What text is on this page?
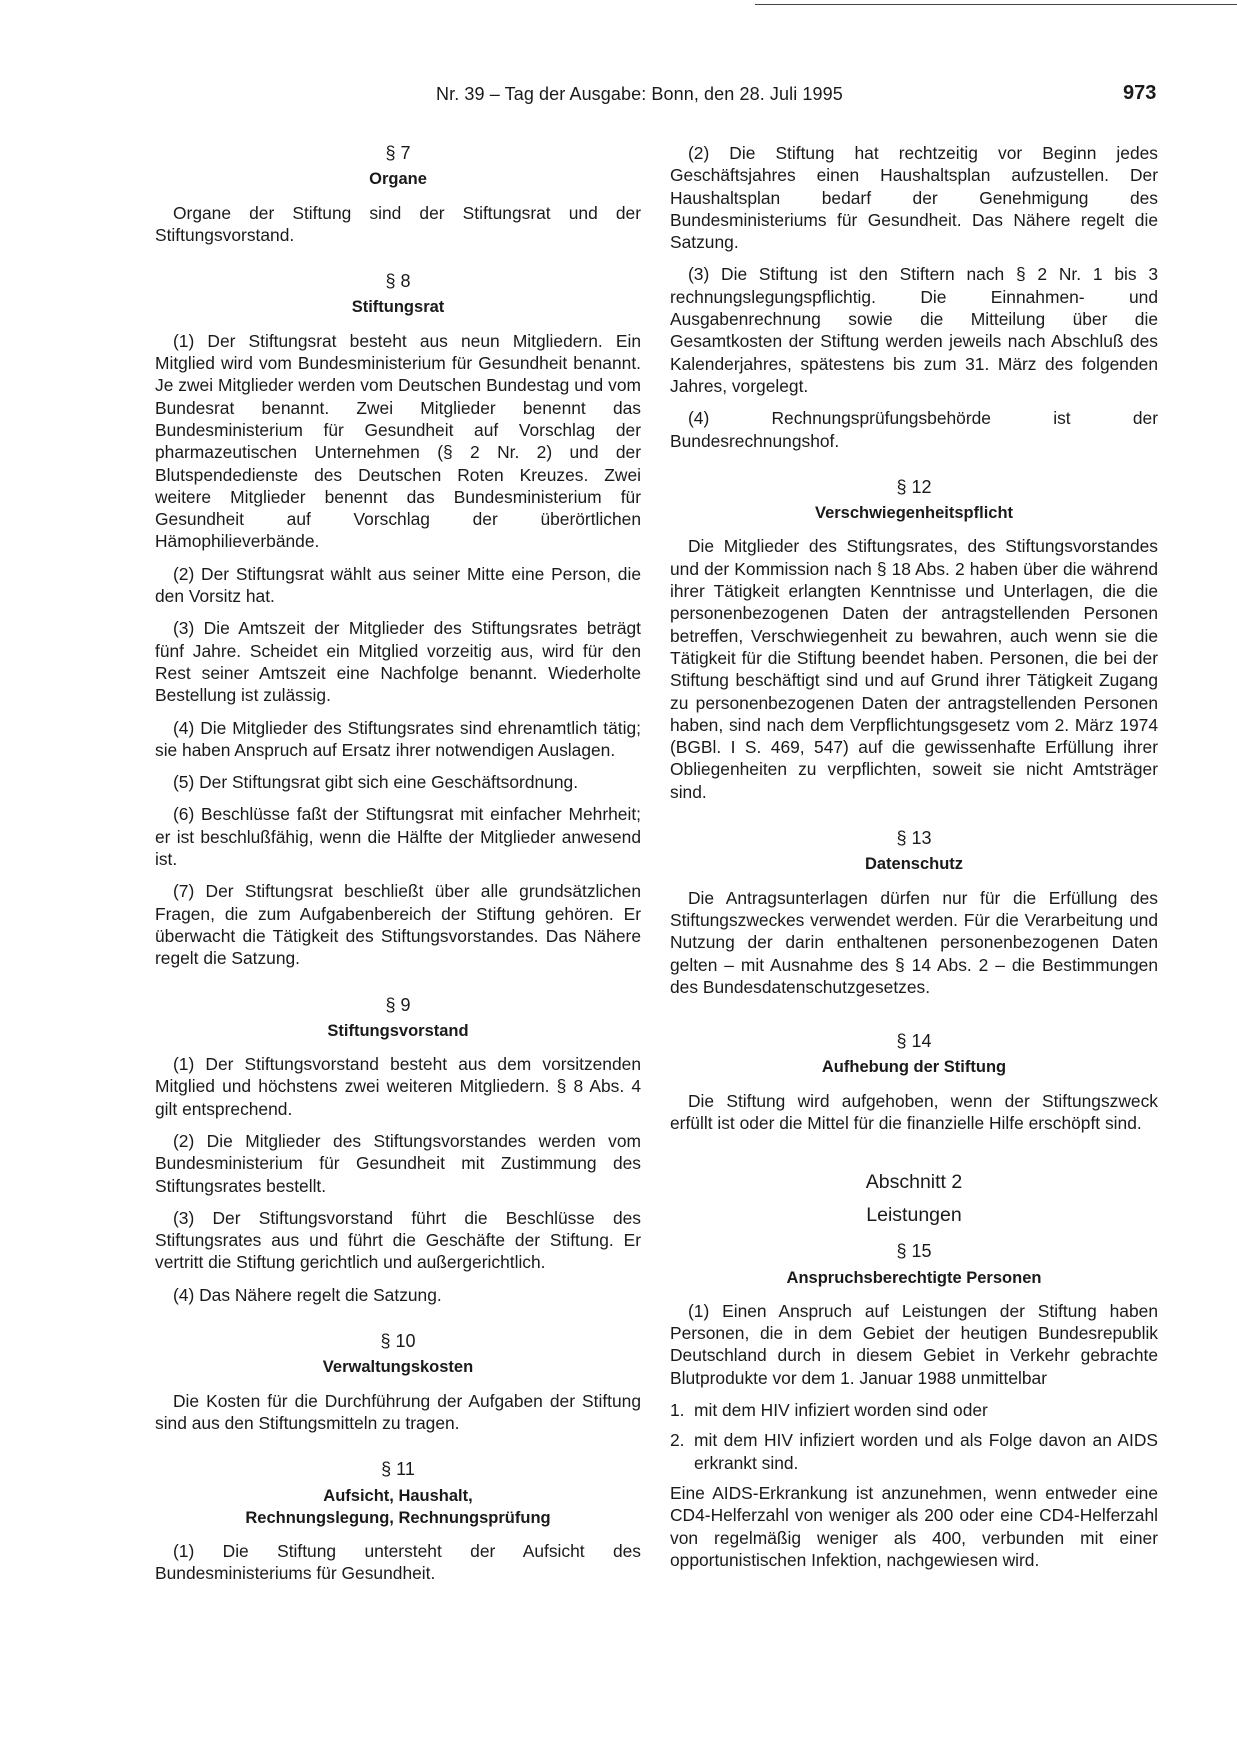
Nr. 39 – Tag der Ausgabe: Bonn, den 28. Juli 1995	973
§ 7
Organe

Organe der Stiftung sind der Stiftungsrat und der Stiftungsvorstand.

§ 8
Stiftungsrat

(1) Der Stiftungsrat besteht aus neun Mitgliedern. Ein Mitglied wird vom Bundesministerium für Gesundheit benannt. Je zwei Mitglieder werden vom Deutschen Bundestag und vom Bundesrat benannt. Zwei Mitglieder benennt das Bundesministerium für Gesundheit auf Vorschlag der pharmazeutischen Unternehmen (§ 2 Nr. 2) und der Blutspendedienste des Deutschen Roten Kreuzes. Zwei weitere Mitglieder benennt das Bundesministerium für Gesundheit auf Vorschlag der überörtlichen Hämophilieverbände.

(2) Der Stiftungsrat wählt aus seiner Mitte eine Person, die den Vorsitz hat.

(3) Die Amtszeit der Mitglieder des Stiftungsrates beträgt fünf Jahre. Scheidet ein Mitglied vorzeitig aus, wird für den Rest seiner Amtszeit eine Nachfolge benannt. Wiederholte Bestellung ist zulässig.

(4) Die Mitglieder des Stiftungsrates sind ehrenamtlich tätig; sie haben Anspruch auf Ersatz ihrer notwendigen Auslagen.

(5) Der Stiftungsrat gibt sich eine Geschäftsordnung.

(6) Beschlüsse faßt der Stiftungsrat mit einfacher Mehrheit; er ist beschlußfähig, wenn die Hälfte der Mitglieder anwesend ist.

(7) Der Stiftungsrat beschließt über alle grundsätzlichen Fragen, die zum Aufgabenbereich der Stiftung gehören. Er überwacht die Tätigkeit des Stiftungsvorstandes. Das Nähere regelt die Satzung.

§ 9
Stiftungsvorstand

(1) Der Stiftungsvorstand besteht aus dem vorsitzenden Mitglied und höchstens zwei weiteren Mitgliedern. § 8 Abs. 4 gilt entsprechend.

(2) Die Mitglieder des Stiftungsvorstandes werden vom Bundesministerium für Gesundheit mit Zustimmung des Stiftungsrates bestellt.

(3) Der Stiftungsvorstand führt die Beschlüsse des Stiftungsrates aus und führt die Geschäfte der Stiftung. Er vertritt die Stiftung gerichtlich und außergerichtlich.

(4) Das Nähere regelt die Satzung.

§ 10
Verwaltungskosten

Die Kosten für die Durchführung der Aufgaben der Stiftung sind aus den Stiftungsmitteln zu tragen.

§ 11
Aufsicht, Haushalt,
Rechnungslegung, Rechnungsprüfung

(1) Die Stiftung untersteht der Aufsicht des Bundesministeriums für Gesundheit.

(2) Die Stiftung hat rechtzeitig vor Beginn jedes Geschäftsjahres einen Haushaltsplan aufzustellen. Der Haushaltsplan bedarf der Genehmigung des Bundesministeriums für Gesundheit. Das Nähere regelt die Satzung.

(3) Die Stiftung ist den Stiftern nach § 2 Nr. 1 bis 3 rechnungslegungspflichtig. Die Einnahmen- und Ausgabenrechnung sowie die Mitteilung über die Gesamtkosten der Stiftung werden jeweils nach Abschluß des Kalenderjahres, spätestens bis zum 31. März des folgenden Jahres, vorgelegt.

(4) Rechnungsprüfungsbehörde ist der Bundesrechnungshof.

§ 12
Verschwiegenheitspflicht

Die Mitglieder des Stiftungsrates, des Stiftungsvorstandes und der Kommission nach § 18 Abs. 2 haben über die während ihrer Tätigkeit erlangten Kenntnisse und Unterlagen, die die personenbezogenen Daten der antragstellenden Personen betreffen, Verschwiegenheit zu bewahren, auch wenn sie die Tätigkeit für die Stiftung beendet haben. Personen, die bei der Stiftung beschäftigt sind und auf Grund ihrer Tätigkeit Zugang zu personenbezogenen Daten der antragstellenden Personen haben, sind nach dem Verpflichtungsgesetz vom 2. März 1974 (BGBl. I S. 469, 547) auf die gewissenhafte Erfüllung ihrer Obliegenheiten zu verpflichten, soweit sie nicht Amtsträger sind.

§ 13
Datenschutz

Die Antragsunterlagen dürfen nur für die Erfüllung des Stiftungszweckes verwendet werden. Für die Verarbeitung und Nutzung der darin enthaltenen personenbezogenen Daten gelten – mit Ausnahme des § 14 Abs. 2 – die Bestimmungen des Bundesdatenschutzgesetzes.

§ 14
Aufhebung der Stiftung

Die Stiftung wird aufgehoben, wenn der Stiftungszweck erfüllt ist oder die Mittel für die finanzielle Hilfe erschöpft sind.

Abschnitt 2
Leistungen
§ 15
Anspruchsberechtigte Personen

(1) Einen Anspruch auf Leistungen der Stiftung haben Personen, die in dem Gebiet der heutigen Bundesrepublik Deutschland durch in diesem Gebiet in Verkehr gebrachte Blutprodukte vor dem 1. Januar 1988 unmittelbar

1. mit dem HIV infiziert worden sind oder
2. mit dem HIV infiziert worden und als Folge davon an AIDS erkrankt sind.

Eine AIDS-Erkrankung ist anzunehmen, wenn entweder eine CD4-Helferzahl von weniger als 200 oder eine CD4-Helferzahl von regelmäßig weniger als 400, verbunden mit einer opportunistischen Infektion, nachgewiesen wird.
